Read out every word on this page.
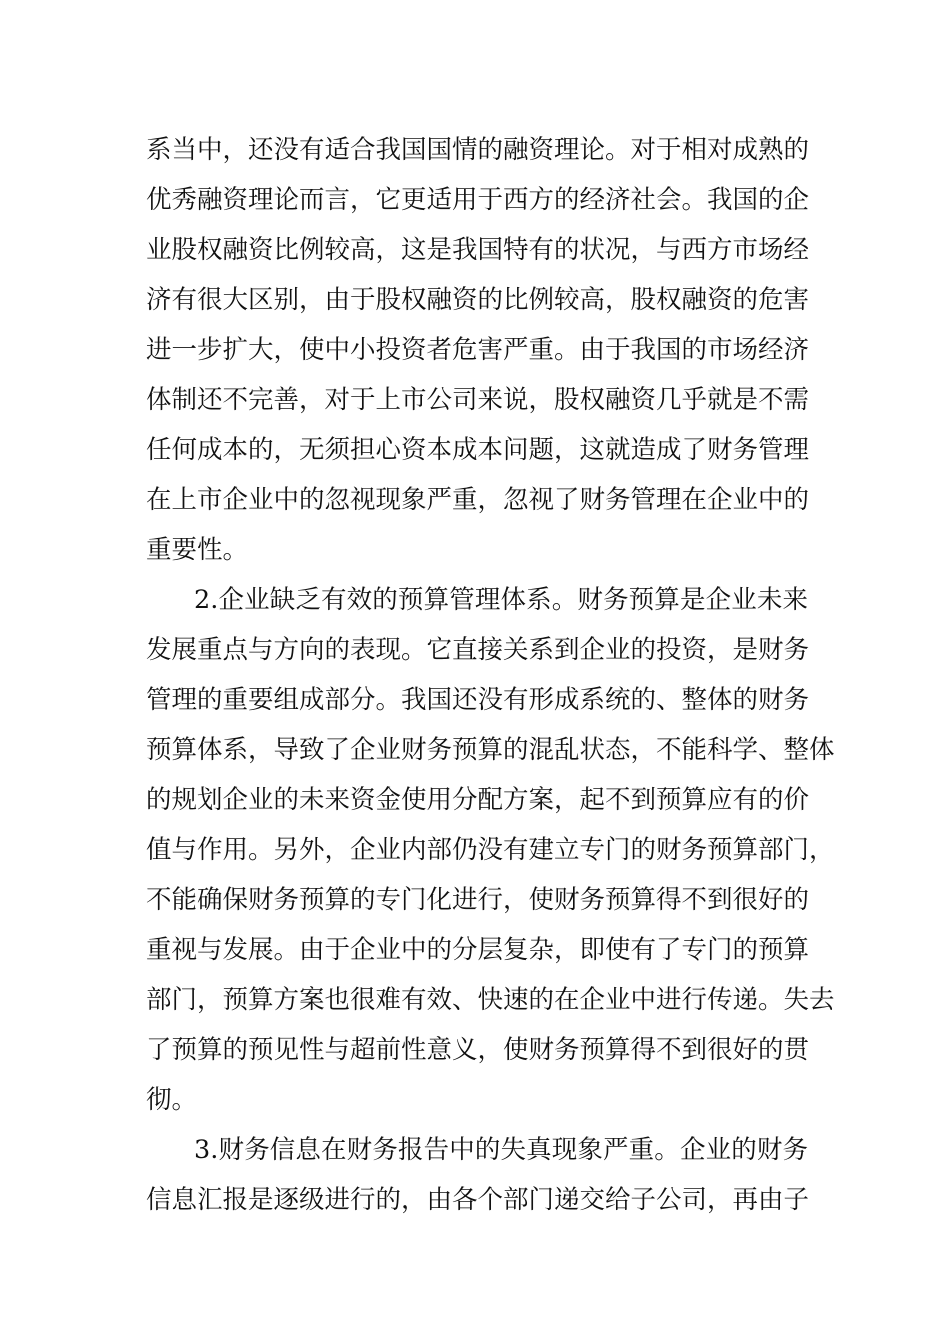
系当中，还没有适合我国国情的融资理论。对于相对成熟的
优秀融资理论而言，它更适用于西方的经济社会。我国的企
业股权融资比例较高，这是我国特有的状况，与西方市场经
济有很大区别，由于股权融资的比例较高，股权融资的危害
进一步扩大，使中小投资者危害严重。由于我国的市场经济
体制还不完善，对于上市公司来说，股权融资几乎就是不需
任何成本的，无须担心资本成本问题，这就造成了财务管理
在上市企业中的忽视现象严重，忽视了财务管理在企业中的
重要性。
2.企业缺乏有效的预算管理体系。财务预算是企业未来
发展重点与方向的表现。它直接关系到企业的投资，是财务
管理的重要组成部分。我国还没有形成系统的、整体的财务
预算体系，导致了企业财务预算的混乱状态，不能科学、整体
的规划企业的未来资金使用分配方案，起不到预算应有的价
值与作用。另外，企业内部仍没有建立专门的财务预算部门，
不能确保财务预算的专门化进行，使财务预算得不到很好的
重视与发展。由于企业中的分层复杂，即使有了专门的预算
部门，预算方案也很难有效、快速的在企业中进行传递。失去
了预算的预见性与超前性意义，使财务预算得不到很好的贯
彻。
3.财务信息在财务报告中的失真现象严重。企业的财务
信息汇报是逐级进行的，由各个部门递交给子公司，再由子
